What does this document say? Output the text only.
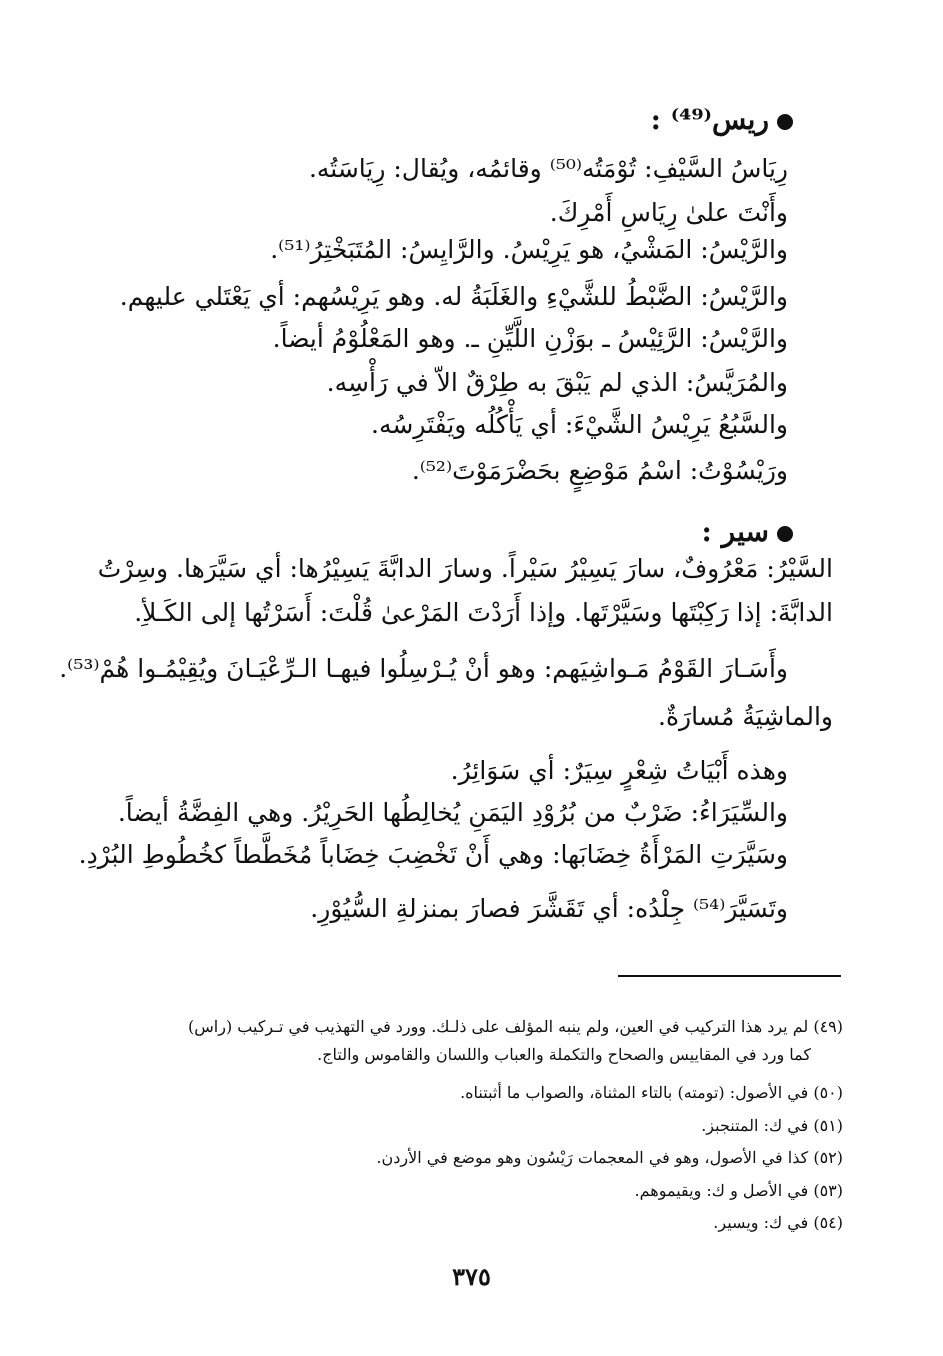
ريس⁽⁴⁹⁾ :
رِيَاسُ السَّيْفِ: تُوْمَتُه⁽⁵⁰⁾ وقائمُه، ويُقال: رِيَاسَتُه.
وأَنْتَ علىٰ رِيَاسِ أَمْرِكَ.
والرَّيْسُ: المَشْيُ، هو يَرِيْسُ. والرَّايِسُ: المُتَبَخْتِرُ⁽⁵¹⁾.
والرَّيْسُ: الضَّبْطُ للشَّيْءِ والغَلَبَةُ له. وهو يَرِيْسُهم: أي يَعْتَلي عليهم.
والرَّيْسُ: الرَّئِيْسُ ـ بوَزْنِ اللَّيِّنِ ـ. وهو المَعْلُوْمُ أيضاً.
والمُرَيَّسُ: الذي لم يَبْقَ به طِرْقٌ الاّ في رَأْسِه.
والسَّبُعُ يَرِيْسُ الشَّيْءَ: أي يَأْكُلُه ويَفْتَرِسُه.
ورَيْسُوْتُ: اسْمُ مَوْضِعٍ بحَضْرَمَوْتَ⁽⁵²⁾.
سير :
السَّيْرُ: مَعْرُوفٌ، سارَ يَسِيْرُ سَيْراً. وسارَ الدابَّةَ يَسِيْرُها: أي سَيَّرَها. وسِرْتُ
الدابَّةَ: إذا رَكِبْتَها وسَيَّرْتَها. وإذا أَرَدْتَ المَرْعىٰ قُلْتَ: أَسَرْتُها إلى الكَـلأِ.
وأَسَـارَ القَوْمُ مَـواشِيَهم: وهو أنْ يُـرْسِلُوا فيهـا الـرِّعْيَـانَ ويُقِيْمُـوا هُمْ⁽⁵³⁾.
والماشِيَةُ مُسارَةٌ.
وهذه أَبْيَاتُ شِعْرٍ سِيَرٌ: أي سَوَائِرُ.
والسِّيَرَاءُ: ضَرْبٌ من بُرُوْدِ اليَمَنِ يُخالِطُها الحَرِيْرُ. وهي الفِضَّةُ أيضاً.
وسَيَّرَتِ المَرْأَةُ خِضَابَها: وهي أَنْ تَخْضِبَ خِضَاباً مُخَطَّطاً كخُطُوطِ البُرْدِ.
وتَسَيَّرَ⁽⁵⁴⁾ جِلْدُه: أي تَقَشَّرَ فصارَ بمنزلةِ السُّيُوْرِ.
(٤٩) لم يرد هذا التركيب في العين، ولم ينبه المؤلف على ذلـك. وورد في التهذيب في تـركيب (راس)
كما ورد في المقاييس والصحاح والتكملة والعباب واللسان والقاموس والتاج.
(٥٠) في الأصول: (تومته) بالتاء المثناة، والصواب ما أثبتناه.
(٥١) في ك: المتنجبز.
(٥٢) كذا في الأصول، وهو في المعجمات رَيْسُون وهو موضع في الأردن.
(٥٣) في الأصل و ك: ويقيموهم.
(٥٤) في ك: ويسير.
٣٧٥
